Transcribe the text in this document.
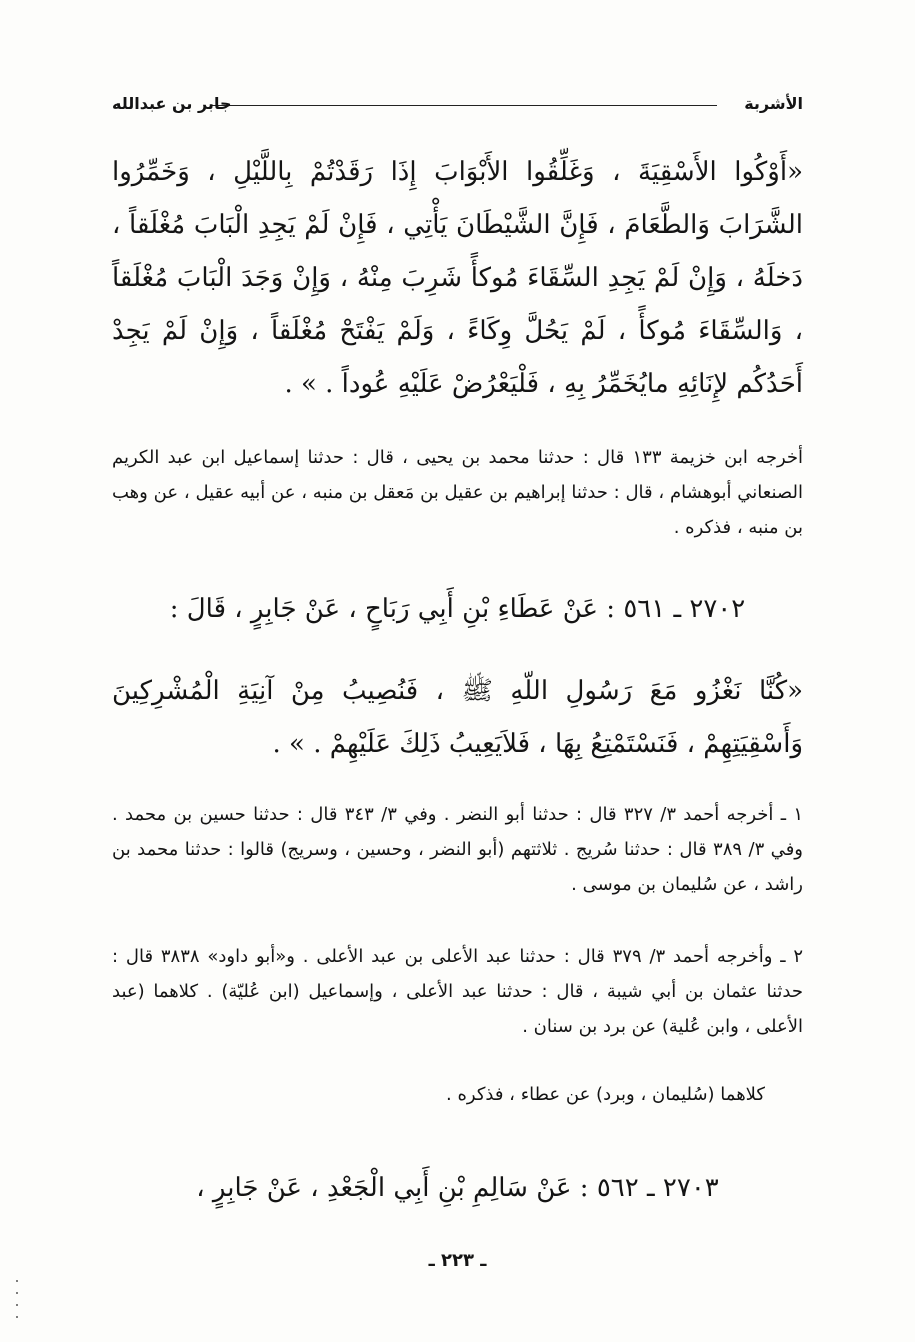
الأشربة
جابر بن عبدالله

«أَوْكُوا الأَسْقِيَةَ ، وَغَلِّقُوا الأَبْوَابَ إِذَا رَقَدْتُمْ بِاللَّيْلِ ، وَخَمِّرُوا الشَّرَابَ وَالطَّعَامَ ، فَإِنَّ الشَّيْطَانَ يَأْتِي ، فَإِنْ لَمْ يَجِدِ الْبَابَ مُغْلَقاً ، دَخلَهُ ، وَإِنْ لَمْ يَجِدِ السِّقَاءَ مُوكأً شَرِبَ مِنْهُ ، وَإِنْ وَجَدَ الْبَابَ مُغْلَقاً ، وَالسِّقَاءَ مُوكأً ، لَمْ يَحُلَّ وِكَاءً ، وَلَمْ يَفْتَحْ مُغْلَقاً ، وَإِنْ لَمْ يَجِدْ أَحَدُكُم لإِنَائِهِ مايُخَمِّرُ بِهِ ، فَلْيَعْرُضْ عَلَيْهِ عُوداً . » .

أخرجه ابن خزيمة ١٣٣ قال : حدثنا محمد بن يحيى ، قال : حدثنا إسماعيل ابن عبد الكريم الصنعاني أبوهشام ، قال : حدثنا إبراهيم بن عقيل بن مَعقل بن منبه ، عن أبيه عقيل ، عن وهب بن منبه ، فذكره .

٢٧٠٢ ـ ٥٦١ : عَنْ عَطَاءِ بْنِ أَبِي رَبَاحٍ ، عَنْ جَابِرٍ ، قَالَ :

«كُنَّا نَغْزُو مَعَ رَسُولِ اللّهِ ﷺ ، فَنُصِيبُ مِنْ آنِيَةِ الْمُشْرِكِينَ وَأَسْقِيَتِهِمْ ، فَنَسْتَمْتِعُ بِهَا ، فَلاَيَعِيبُ ذَلِكَ عَلَيْهِمْ . » .

١ ـ أخرجه أحمد ٣/ ٣٢٧ قال : حدثنا أبو النضر . وفي ٣/ ٣٤٣ قال : حدثنا حسين بن محمد . وفي ٣/ ٣٨٩ قال : حدثنا سُريج . ثلاثتهم (أبو النضر ، وحسين ، وسريج) قالوا : حدثنا محمد بن راشد ، عن سُليمان بن موسى .

٢ ـ وأخرجه أحمد ٣/ ٣٧٩ قال : حدثنا عبد الأعلى بن عبد الأعلى . و«أبو داود» ٣٨٣٨ قال : حدثنا عثمان بن أبي شيبة ، قال : حدثنا عبد الأعلى ، وإسماعيل (ابن عُليّة) . كلاهما (عبد الأعلى ، وابن عُلية) عن برد بن سنان .

كلاهما (سُليمان ، وبرد) عن عطاء ، فذكره .

٢٧٠٣ ـ ٥٦٢ : عَنْ سَالِمِ بْنِ أَبِي الْجَعْدِ ، عَنْ جَابِرٍ ،

ـ ٢٢٣ ـ
